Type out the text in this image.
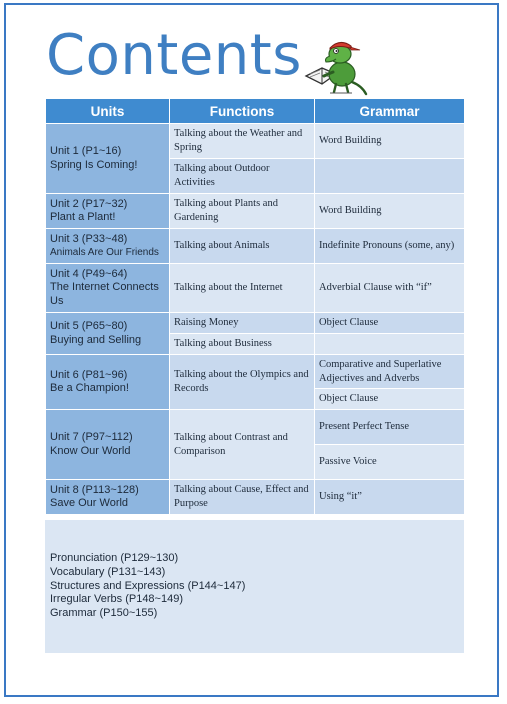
Contents
Units	Functions	Grammar
Unit 1 (P1~16)
Spring Is Coming!	Talking about the Weather and Spring	Word Building
	Talking about Outdoor Activities	
Unit 2 (P17~32)
Plant a Plant!	Talking about Plants and Gardening	Word Building
Unit 3 (P33~48)
Animals Are Our Friends	Talking about Animals	Indefinite Pronouns (some, any)
Unit 4 (P49~64)
The Internet Connects Us	Talking about the Internet	Adverbial Clause with “if”
Unit 5 (P65~80)
Buying and Selling	Raising Money	Object Clause
	Talking about Business	
Unit 6 (P81~96)
Be a Champion!	Talking about the Olympics and Records	Comparative and Superlative Adjectives and Adverbs
		Object Clause
Unit 7 (P97~112)
Know Our World	Talking about Contrast and Comparison	Present Perfect Tense
		Passive Voice
Unit 8 (P113~128)
Save Our World	Talking about Cause, Effect and Purpose	Using “it”
Pronunciation (P129~130)
Vocabulary (P131~143)
Structures and Expressions (P144~147)
Irregular Verbs (P148~149)
Grammar (P150~155)
